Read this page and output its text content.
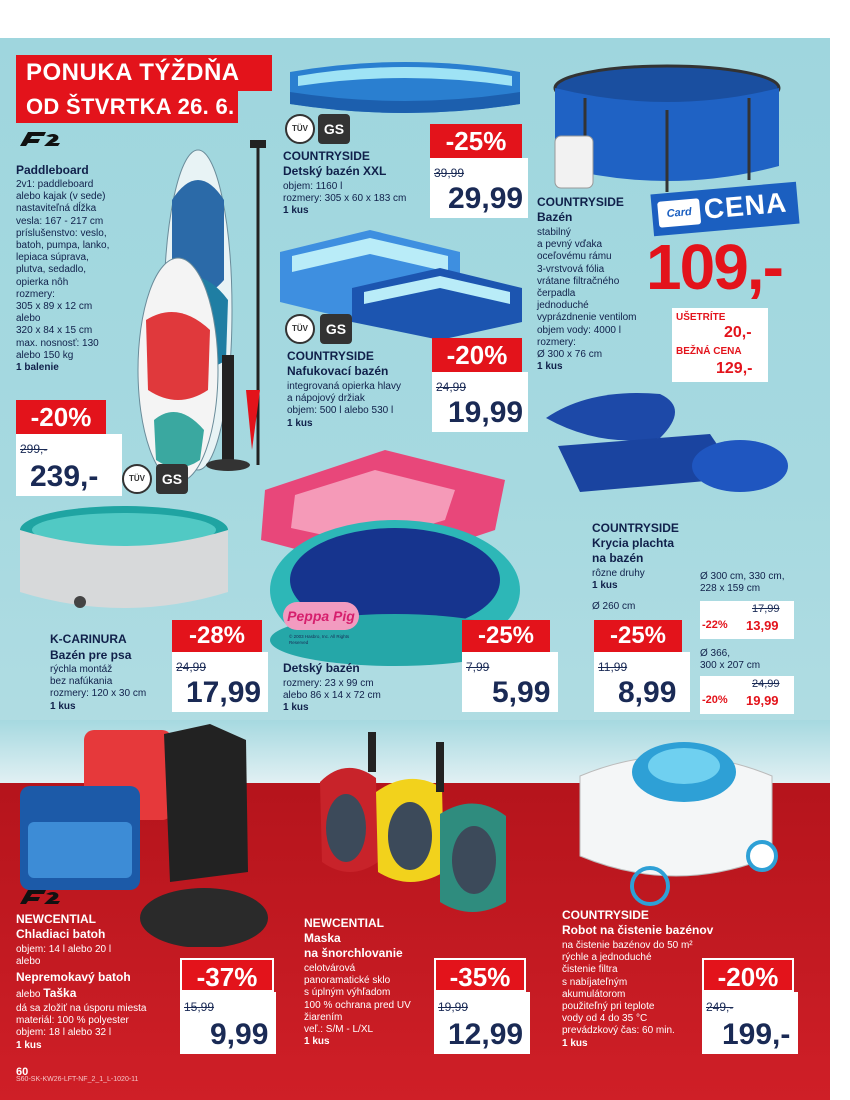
PONUKA TÝŽDŇA
OD ŠTVRTKA 26. 6.
Paddleboard
2v1: paddleboard
alebo kajak (v sede)
nastaviteľná dĺžka
vesla: 167 - 217 cm
príslušenstvo: veslo,
batoh, pumpa, lanko,
lepiaca súprava,
plutva, sedadlo,
opierka nôh
rozmery:
305 x 89 x 12 cm
alebo
320 x 84 x 15 cm
max. nosnosť: 130
alebo 150 kg
1 balenie
-20%
299,-
239,-	TÜV	GS
TÜV	GS
COUNTRYSIDE
Detský bazén XXL
objem: 1160 l
rozmery: 305 x 60 x 183 cm
1 kus
-25%
39,99
29,99	Card CENA
COUNTRYSIDE
Bazén
stabilný
a pevný vďaka
oceľovému rámu
3-vrstvová fólia
vrátane filtračného
čerpadla
jednoduché
vyprázdnenie ventilom
objem vody: 4000 l
rozmery:
Ø 300 x 76 cm
1 kus
109,-
UŠETRÍTE
20,-
BEŽNÁ CENA
129,-
TÜV	GS
COUNTRYSIDE
Nafukovací bazén
integrovaná opierka hlavy
a nápojový držiak
objem: 500 l alebo 530 l
1 kus
-20%
24,99
19,99
COUNTRYSIDE
Krycia plachta
na bazén
rôzne druhy
1 kus
Ø 260 cm
-25%
11,99
8,99
Ø 300 cm, 330 cm,
228 x 159 cm
17,99
-22% 13,99
Ø 366,
300 x 207 cm
24,99
-20% 19,99
Peppa Pig
© 2003 Hasbro, Inc. All Rights Reserved
Detský bazén
rozmery: 23 x 99 cm
alebo 86 x 14 x 72 cm
1 kus
-25%
7,99
5,99
K-CARINURA
Bazén pre psa
rýchla montáž
bez nafúkania
rozmery: 120 x 30 cm
1 kus
-28%
24,99
17,99
NEWCENTIAL
Chladiaci batoh
objem: 14 l alebo 20 l
alebo
Nepremokavý batoh
alebo Taška
dá sa zložiť na úsporu miesta
materiál: 100 % polyester
objem: 18 l alebo 32 l
1 kus
-37%
15,99
9,99
NEWCENTIAL
Maska
na šnorchlovanie
celotvárová
panoramatické sklo
s úplným výhľadom
100 % ochrana pred UV
žiarením
veľ.: S/M - L/XL
1 kus
-35%
19,99
12,99
COUNTRYSIDE
Robot na čistenie bazénov
na čistenie bazénov do 50 m²
rýchle a jednoduché
čistenie filtra
s nabíjateľným
akumulátorom
použiteľný pri teplote
vody od 4 do 35 °C
prevádzkový čas: 60 min.
1 kus
-20%
249,-
199,-
60
S60-SK-KW26-LFT-NF_2_1_L-1020-11
